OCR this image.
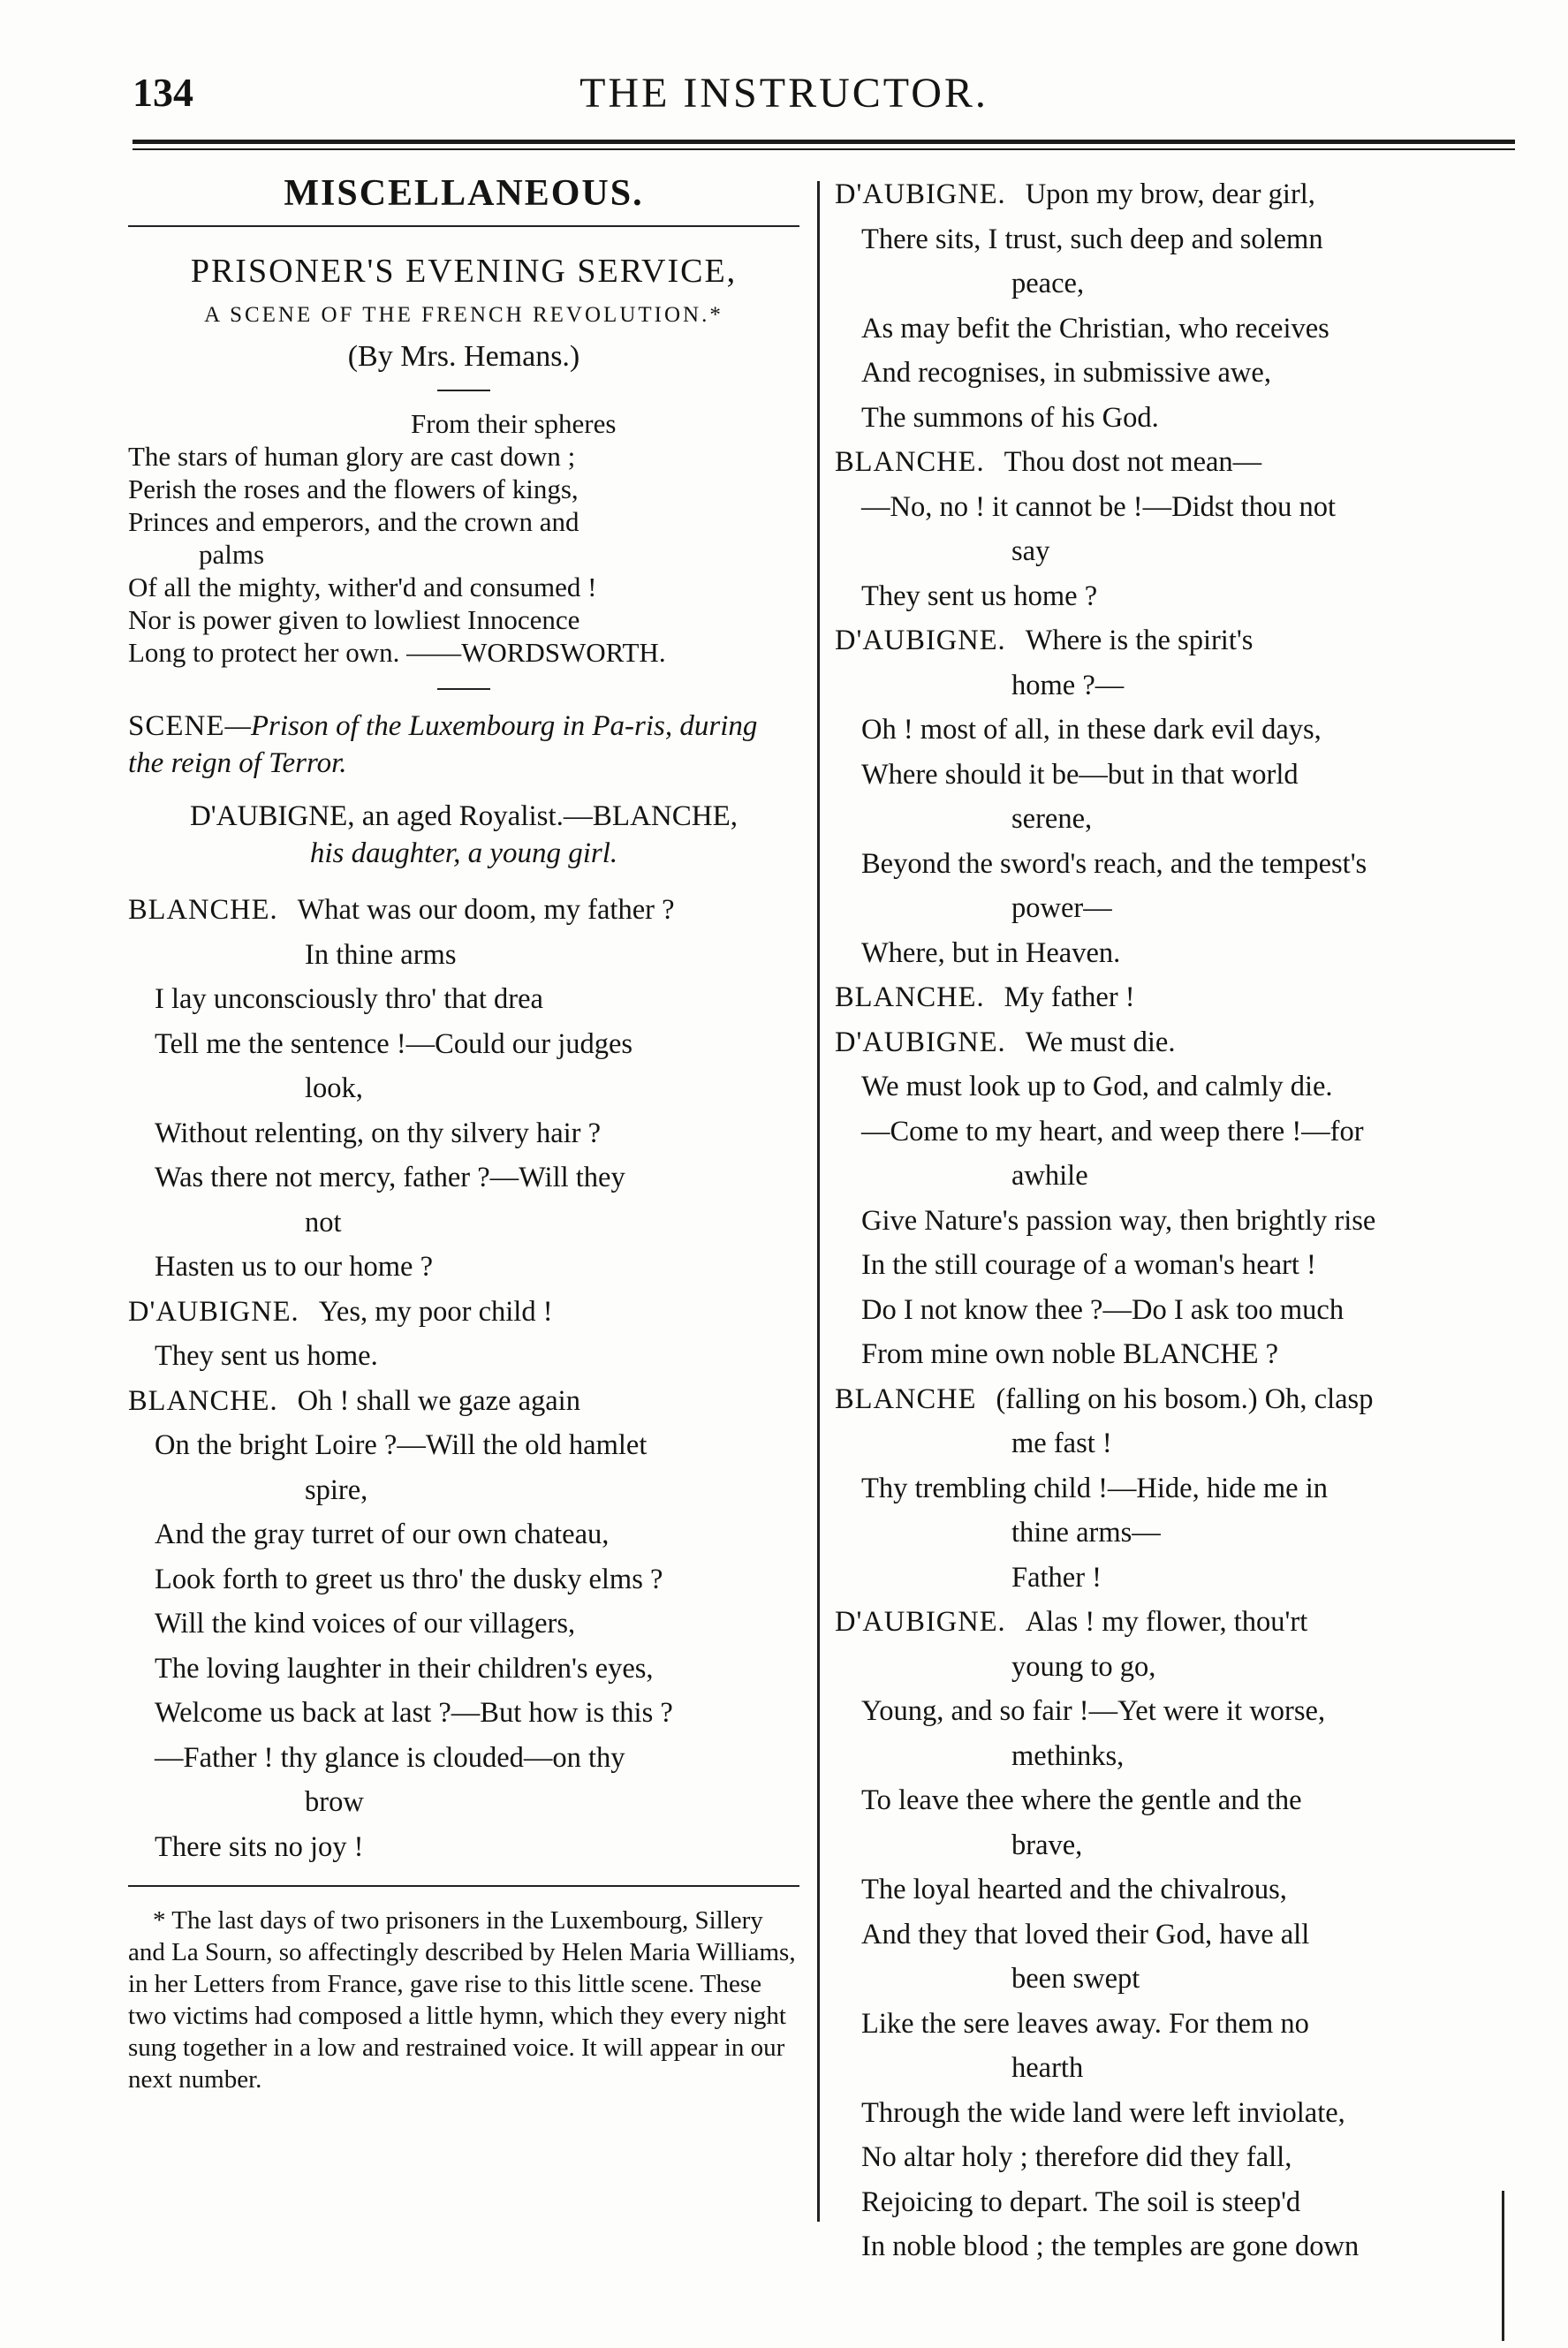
134	THE INSTRUCTOR.
MISCELLANEOUS.
PRISONER'S EVENING SERVICE,
A SCENE OF THE FRENCH REVOLUTION.*
(By Mrs. Hemans.)

From their spheres

The stars of human glory are cast down ;

Perish the roses and the flowers of kings,

Princes and emperors, and the crown and

palms

Of all the mighty, wither'd and consumed !

Nor is power given to lowliest Innocence

Long to protect her own. ——WORDSWORTH.

SCENE—Prison of the Luxembourg in Pa-ris, during the reign of Terror.
D'AUBIGNE, an aged Royalist.—BLANCHE,
his daughter, a young girl.
BLANCHE. What was our doom, my father ?
In thine arms
I lay unconsciously thro' that drea
Tell me the sentence !—Could our judges
look,
Without relenting, on thy silvery hair ?
Was there not mercy, father ?—Will they
not
Hasten us to our home ?
D'AUBIGNE. Yes, my poor child !
They sent us home.
BLANCHE. Oh ! shall we gaze again
On the bright Loire ?—Will the old hamlet
spire,
And the gray turret of our own chateau,
Look forth to greet us thro' the dusky elms ?
Will the kind voices of our villagers,
The loving laughter in their children's eyes,
Welcome us back at last ?—But how is this ?
—Father ! thy glance is clouded—on thy
brow
There sits no joy !
* The last days of two prisoners in the Luxembourg, Sillery and La Sourn, so affectingly described by Helen Maria Williams, in her Letters from France, gave rise to this little scene. These two victims had composed a little hymn, which they every night sung together in a low and restrained voice. It will appear in our next number.
D'AUBIGNE. Upon my brow, dear girl,
There sits, I trust, such deep and solemn
peace,
As may befit the Christian, who receives
And recognises, in submissive awe,
The summons of his God.
BLANCHE. Thou dost not mean—
—No, no ! it cannot be !—Didst thou not
say
They sent us home ?
D'AUBIGNE. Where is the spirit's
home ?—
Oh ! most of all, in these dark evil days,
Where should it be—but in that world
serene,
Beyond the sword's reach, and the tempest's
power—
Where, but in Heaven.
BLANCHE. My father !
D'AUBIGNE. We must die.
We must look up to God, and calmly die.
—Come to my heart, and weep there !—for
awhile
Give Nature's passion way, then brightly rise
In the still courage of a woman's heart !
Do I not know thee ?—Do I ask too much
From mine own noble BLANCHE ?
BLANCHE (falling on his bosom.) Oh, clasp
me fast !
Thy trembling child !—Hide, hide me in
thine arms—
Father !
D'AUBIGNE. Alas ! my flower, thou'rt
young to go,
Young, and so fair !—Yet were it worse,
methinks,
To leave thee where the gentle and the
brave,
The loyal hearted and the chivalrous,
And they that loved their God, have all
been swept
Like the sere leaves away. For them no
hearth
Through the wide land were left inviolate,
No altar holy ; therefore did they fall,
Rejoicing to depart. The soil is steep'd
In noble blood ; the temples are gone down
